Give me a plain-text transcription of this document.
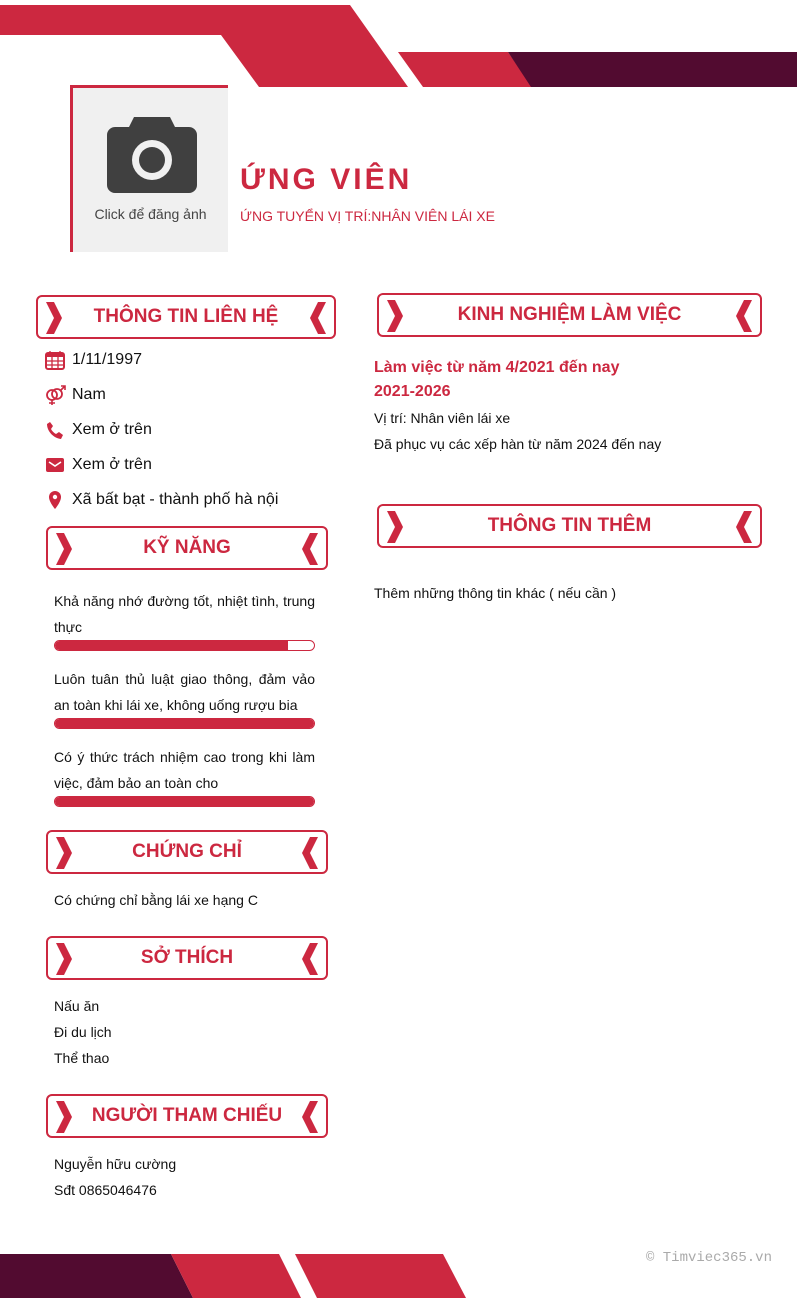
Click để đăng ảnh
ỨNG VIÊN
ỨNG TUYỂN VỊ TRÍ:NHÂN VIÊN LÁI XE
THÔNG TIN LIÊN HỆ
1/11/1997
Nam
Xem ở trên
Xem ở trên
Xã bất bạt - thành phố hà nội
KỸ NĂNG
Khả năng nhớ đường tốt, nhiệt tình, trung thực
Luôn tuân thủ luật giao thông, đảm vảo an toàn khi lái xe, không uống rượu bia
Có ý thức trách nhiệm cao trong khi làm việc, đảm bảo an toàn cho
CHỨNG CHỈ
Có chứng chỉ bằng lái xe hạng C
SỞ THÍCH
Nấu ăn
Đi du lịch
Thể thao
NGƯỜI THAM CHIẾU
Nguyễn hữu cường
Sđt 0865046476
KINH NGHIỆM LÀM VIỆC
Làm việc từ năm 4/2021 đến nay
2021-2026
Vị trí: Nhân viên lái xe
Đã phục vụ các xếp hàn từ năm 2024 đến nay
THÔNG TIN THÊM
Thêm những thông tin khác ( nếu cần )
© Timviec365.vn
